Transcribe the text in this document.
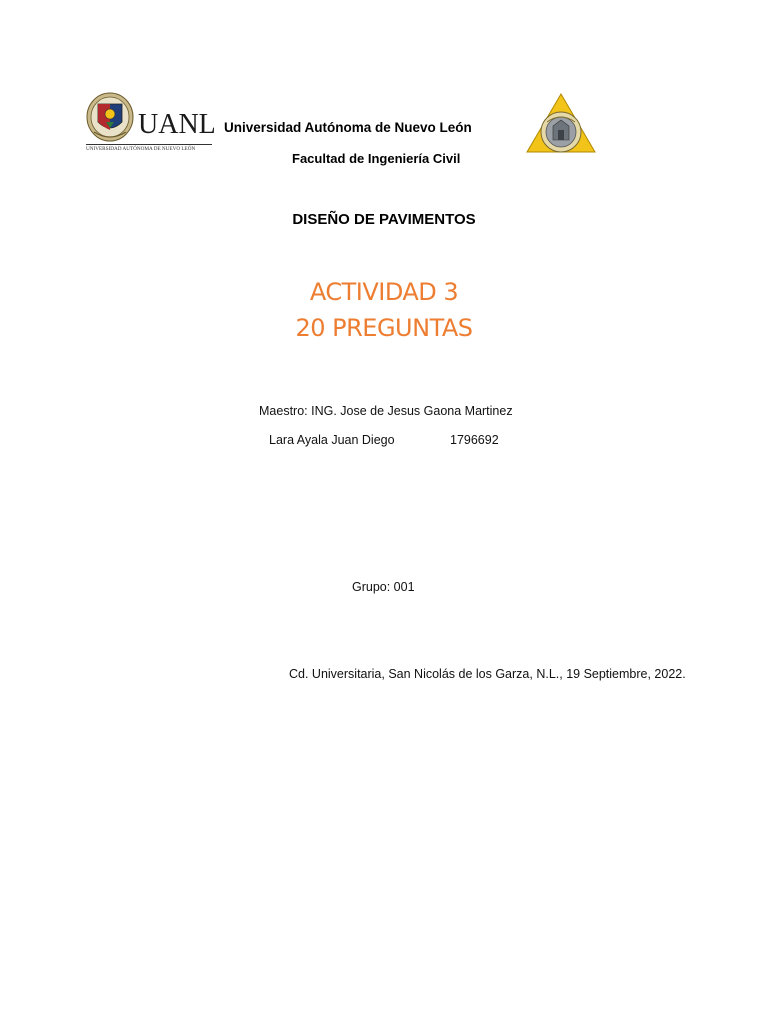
UANL
UNIVERSIDAD AUTÓNOMA DE NUEVO LEÓN
Universidad Autónoma de Nuevo León
Facultad de Ingeniería Civil
DISEÑO DE PAVIMENTOS
ACTIVIDAD 3
20 PREGUNTAS
Maestro: ING. Jose de Jesus Gaona Martinez
Lara Ayala Juan Diego	1796692
Grupo: 001
Cd. Universitaria, San Nicolás de los Garza, N.L., 19 Septiembre, 2022.
